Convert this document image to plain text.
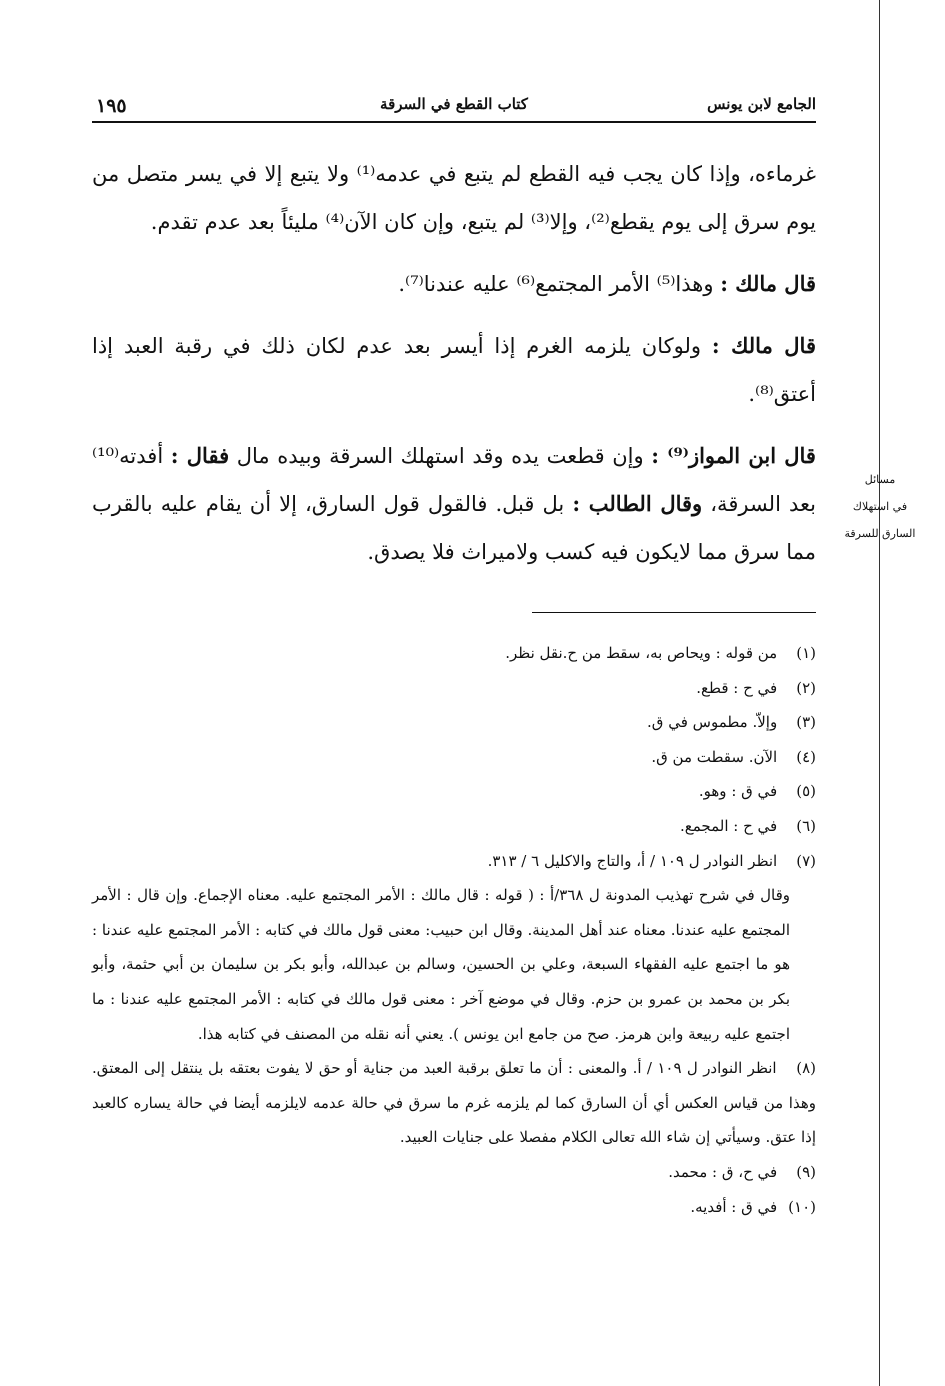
١٩٥	كتاب القطع في السرقة	الجامع لابن يونس

غرماءه، وإذا كان يجب فيه القطع لم يتبع في عدمه⁽¹⁾ ولا يتبع إلا في يسر متصل من يوم سرق إلى يوم يقطع⁽²⁾، وإلا⁽³⁾ لم يتبع، وإن كان الآن⁽⁴⁾ مليئاً بعد عدم تقدم.

قال مالك : وهذا⁽⁵⁾ الأمر المجتمع⁽⁶⁾ عليه عندنا⁽⁷⁾.

قال مالك : ولوكان يلزمه الغرم إذا أيسر بعد عدم لكان ذلك في رقبة العبد إذا أعتق⁽⁸⁾.

قال ابن المواز⁽⁹⁾ : وإن قطعت يده وقد استهلك السرقة وبيده مال فقال : أفدته⁽¹⁰⁾ بعد السرقة، وقال الطالب : بل قبل. فالقول قول السارق، إلا أن يقام عليه بالقرب مما سرق مما لايكون فيه كسب ولاميراث فلا يصدق.

مسائل
في استهلاك
السارق للسرقة

(١) من قوله : ويحاص به، سقط من ح.نقل نظر.

(٢) في ح : قطع.

(٣) وإلاّ. مطموس في ق.

(٤) الآن. سقطت من ق.

(٥) في ق : وهو.

(٦) في ح : المجمع.

(٧) انظر النوادر ل ١٠٩ / أ، والتاج والاكليل ٦ / ٣١٣.

وقال في شرح تهذيب المدونة ل ٣٦٨/أ : ( قوله : قال مالك : الأمر المجتمع عليه. معناه الإجماع. وإن قال : الأمر المجتمع عليه عندنا. معناه عند أهل المدينة. وقال ابن حبيب: معنى قول مالك في كتابه : الأمر المجتمع عليه عندنا : هو ما اجتمع عليه الفقهاء السبعة، وعلي بن الحسين، وسالم بن عبدالله، وأبو بكر بن سليمان بن أبي حثمة، وأبو بكر بن محمد بن عمرو بن حزم. وقال في موضع آخر : معنى قول مالك في كتابه : الأمر المجتمع عليه عندنا : ما اجتمع عليه ربيعة وابن هرمز. صح من جامع ابن يونس ). يعني أنه نقله من المصنف في كتابه هذا.

(٨) انظر النوادر ل ١٠٩ / أ. والمعنى : أن ما تعلق برقبة العبد من جناية أو حق لا يفوت بعتقه بل ينتقل إلى المعتق. وهذا من قياس العكس أي أن السارق كما لم يلزمه غرم ما سرق في حالة عدمه لايلزمه أيضا في حالة يساره كالعبد إذا عتق. وسيأتي إن شاء الله تعالى الكلام مفصلا على جنايات العبيد.

(٩) في ح، ق : محمد.

(١٠) في ق : أفديه.
